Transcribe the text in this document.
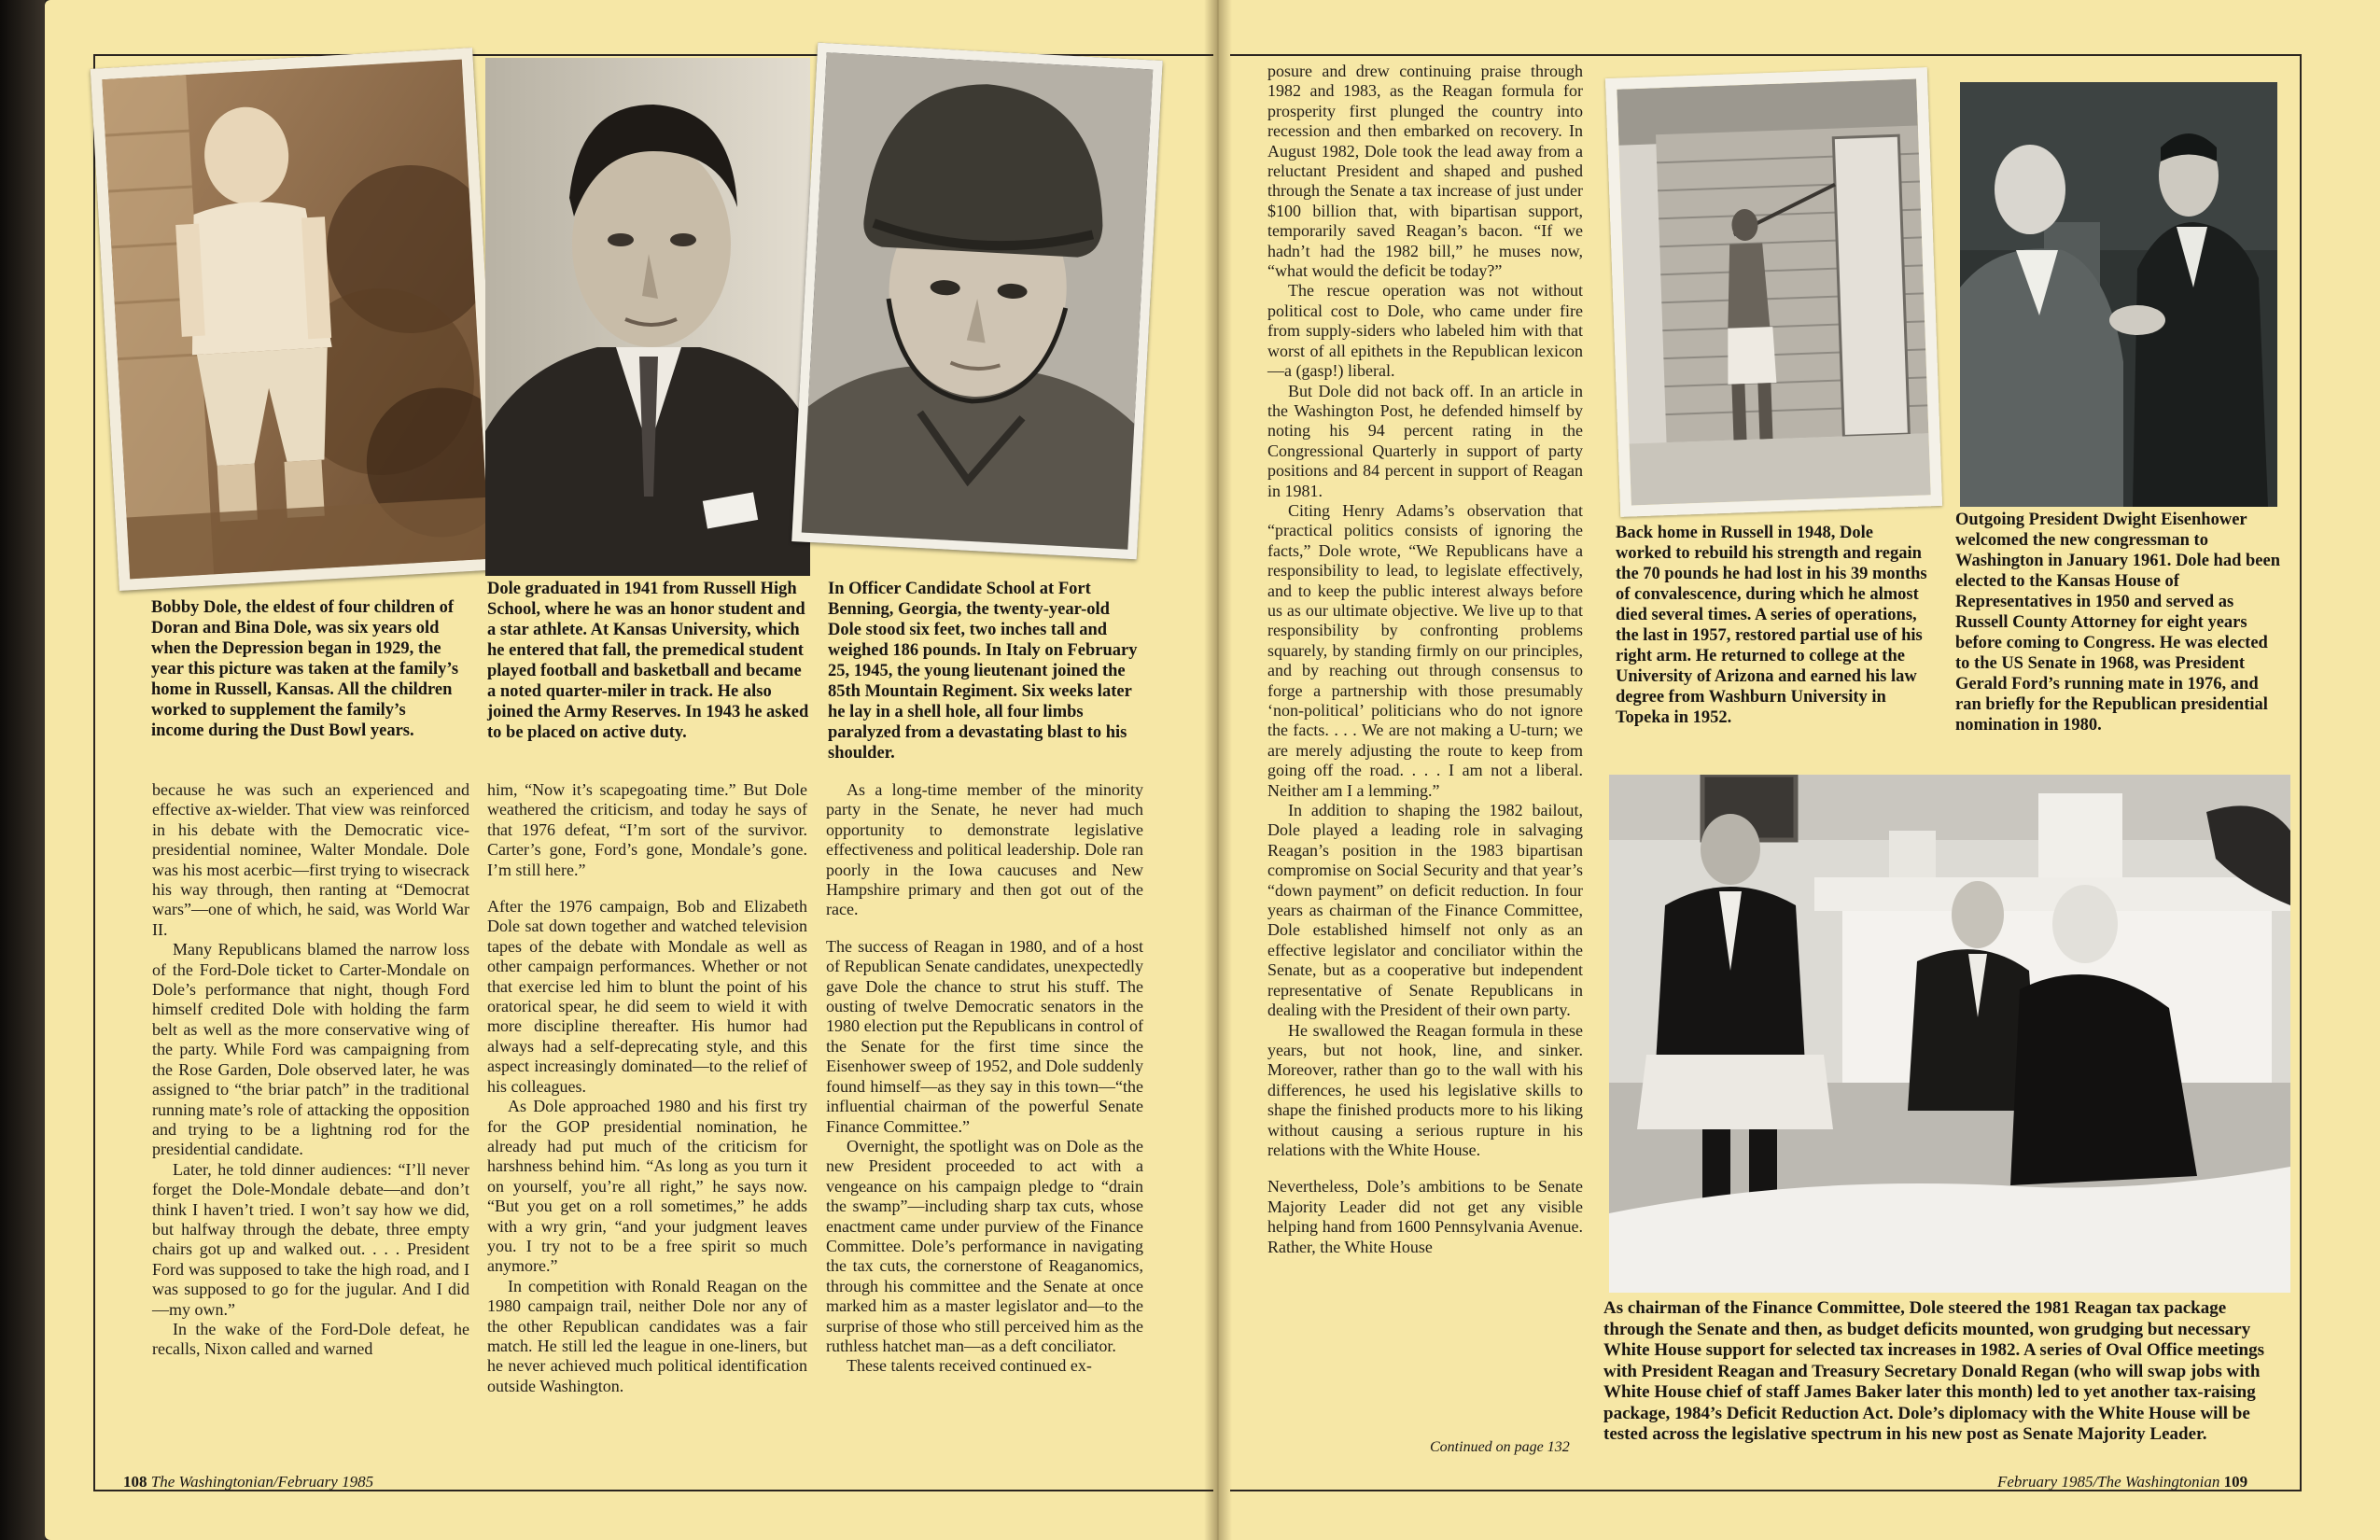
Bobby Dole, the eldest of four children of Doran and Bina Dole, was six years old when the Depression began in 1929, the year this picture was taken at the family’s home in Russell, Kansas. All the children worked to supplement the family’s income during the Dust Bowl years.
Dole graduated in 1941 from Russell High School, where he was an honor student and a star athlete. At Kansas University, which he entered that fall, the premedical student played football and basketball and became a noted quarter-miler in track. He also joined the Army Reserves. In 1943 he asked to be placed on active duty.
In Officer Candidate School at Fort Benning, Georgia, the twenty-year-old Dole stood six feet, two inches tall and weighed 186 pounds. In Italy on February 25, 1945, the young lieutenant joined the 85th Mountain Regiment. Six weeks later he lay in a shell hole, all four limbs paralyzed from a devastating blast to his shoulder.

because he was such an experienced and effective ax-wielder. That view was reinforced in his debate with the Democratic vice-presidential nominee, Walter Mondale. Dole was his most acerbic—first trying to wisecrack his way through, then ranting at “Democrat wars”—one of which, he said, was World War II.

Many Republicans blamed the narrow loss of the Ford-Dole ticket to Carter-Mondale on Dole’s performance that night, though Ford himself credited Dole with holding the farm belt as well as the more conservative wing of the party. While Ford was campaigning from the Rose Garden, Dole observed later, he was assigned to “the briar patch” in the traditional running mate’s role of attacking the opposition and trying to be a lightning rod for the presidential candidate.

Later, he told dinner audiences: “I’ll never forget the Dole-Mondale debate—and don’t think I haven’t tried. I won’t say how we did, but halfway through the debate, three empty chairs got up and walked out. . . . President Ford was supposed to take the high road, and I was supposed to go for the jugular. And I did—my own.”

In the wake of the Ford-Dole defeat, he recalls, Nixon called and warned

him, “Now it’s scapegoating time.” But Dole weathered the criticism, and today he says of that 1976 defeat, “I’m sort of the survivor. Carter’s gone, Ford’s gone, Mondale’s gone. I’m still here.”

After the 1976 campaign, Bob and Elizabeth Dole sat down together and watched television tapes of the debate with Mondale as well as other campaign performances. Whether or not that exercise led him to blunt the point of his oratorical spear, he did seem to wield it with more discipline thereafter. His humor had always had a self-deprecating style, and this aspect increasingly dominated—to the relief of his colleagues.

As Dole approached 1980 and his first try for the GOP presidential nomination, he already had put much of the criticism for harshness behind him. “As long as you turn it on yourself, you’re all right,” he says now. “But you get on a roll sometimes,” he adds with a wry grin, “and your judgment leaves you. I try not to be a free spirit so much anymore.”

In competition with Ronald Reagan on the 1980 campaign trail, neither Dole nor any of the other Republican candidates was a fair match. He still led the league in one-liners, but he never achieved much political identification outside Washington.

As a long-time member of the minority party in the Senate, he never had much opportunity to demonstrate legislative effectiveness and political leadership. Dole ran poorly in the Iowa caucuses and New Hampshire primary and then got out of the race.

The success of Reagan in 1980, and of a host of Republican Senate candidates, unexpectedly gave Dole the chance to strut his stuff. The ousting of twelve Democratic senators in the 1980 election put the Republicans in control of the Senate for the first time since the Eisenhower sweep of 1952, and Dole suddenly found himself—as they say in this town—“the influential chairman of the powerful Senate Finance Committee.”

Overnight, the spotlight was on Dole as the new President proceeded to act with a vengeance on his campaign pledge to “drain the swamp”—including sharp tax cuts, whose enactment came under purview of the Finance Committee. Dole’s performance in navigating the tax cuts, the cornerstone of Reaganomics, through his committee and the Senate at once marked him as a master legislator and—to the surprise of those who still perceived him as the ruthless hatchet man—as a deft conciliator.

These talents received continued ex-

108 The Washingtonian/February 1985

posure and drew continuing praise through 1982 and 1983, as the Reagan formula for prosperity first plunged the country into recession and then embarked on recovery. In August 1982, Dole took the lead away from a reluctant President and shaped and pushed through the Senate a tax increase of just under $100 billion that, with bipartisan support, temporarily saved Reagan’s bacon. “If we hadn’t had the 1982 bill,” he muses now, “what would the deficit be today?”

The rescue operation was not without political cost to Dole, who came under fire from supply-siders who labeled him with that worst of all epithets in the Republican lexicon—a (gasp!) liberal.

But Dole did not back off. In an article in the Washington Post, he defended himself by noting his 94 percent rating in the Congressional Quarterly in support of party positions and 84 percent in support of Reagan in 1981.

Citing Henry Adams’s observation that “practical politics consists of ignoring the facts,” Dole wrote, “We Republicans have a responsibility to lead, to legislate effectively, and to keep the public interest always before us as our ultimate objective. We live up to that responsibility by confronting problems squarely, by standing firmly on our principles, and by reaching out through consensus to forge a partnership with those presumably ‘non-political’ politicians who do not ignore the facts. . . . We are not making a U-turn; we are merely adjusting the route to keep from going off the road. . . . I am not a liberal. Neither am I a lemming.”

In addition to shaping the 1982 bailout, Dole played a leading role in salvaging Reagan’s position in the 1983 bipartisan compromise on Social Security and that year’s “down payment” on deficit reduction. In four years as chairman of the Finance Committee, Dole established himself not only as an effective legislator and conciliator within the Senate, but as a cooperative but independent representative of Senate Republicans in dealing with the President of their own party.

He swallowed the Reagan formula in these years, but not hook, line, and sinker. Moreover, rather than go to the wall with his differences, he used his legislative skills to shape the finished products more to his liking without causing a serious rupture in his relations with the White House.

Nevertheless, Dole’s ambitions to be Senate Majority Leader did not get any visible helping hand from 1600 Pennsylvania Avenue. Rather, the White House

Continued on page 132
Back home in Russell in 1948, Dole worked to rebuild his strength and regain the 70 pounds he had lost in his 39 months of convalescence, during which he almost died several times. A series of operations, the last in 1957, restored partial use of his right arm. He returned to college at the University of Arizona and earned his law degree from Washburn University in Topeka in 1952.
Outgoing President Dwight Eisenhower welcomed the new congressman to Washington in January 1961. Dole had been elected to the Kansas House of Representatives in 1950 and served as Russell County Attorney for eight years before coming to Congress. He was elected to the US Senate in 1968, was President Gerald Ford’s running mate in 1976, and ran briefly for the Republican presidential nomination in 1980.
As chairman of the Finance Committee, Dole steered the 1981 Reagan tax package through the Senate and then, as budget deficits mounted, won grudging but necessary White House support for selected tax increases in 1982. A series of Oval Office meetings with President Reagan and Treasury Secretary Donald Regan (who will swap jobs with White House chief of staff James Baker later this month) led to yet another tax-raising package, 1984’s Deficit Reduction Act. Dole’s diplomacy with the White House will be tested across the legislative spectrum in his new post as Senate Majority Leader.
February 1985/The Washingtonian 109
